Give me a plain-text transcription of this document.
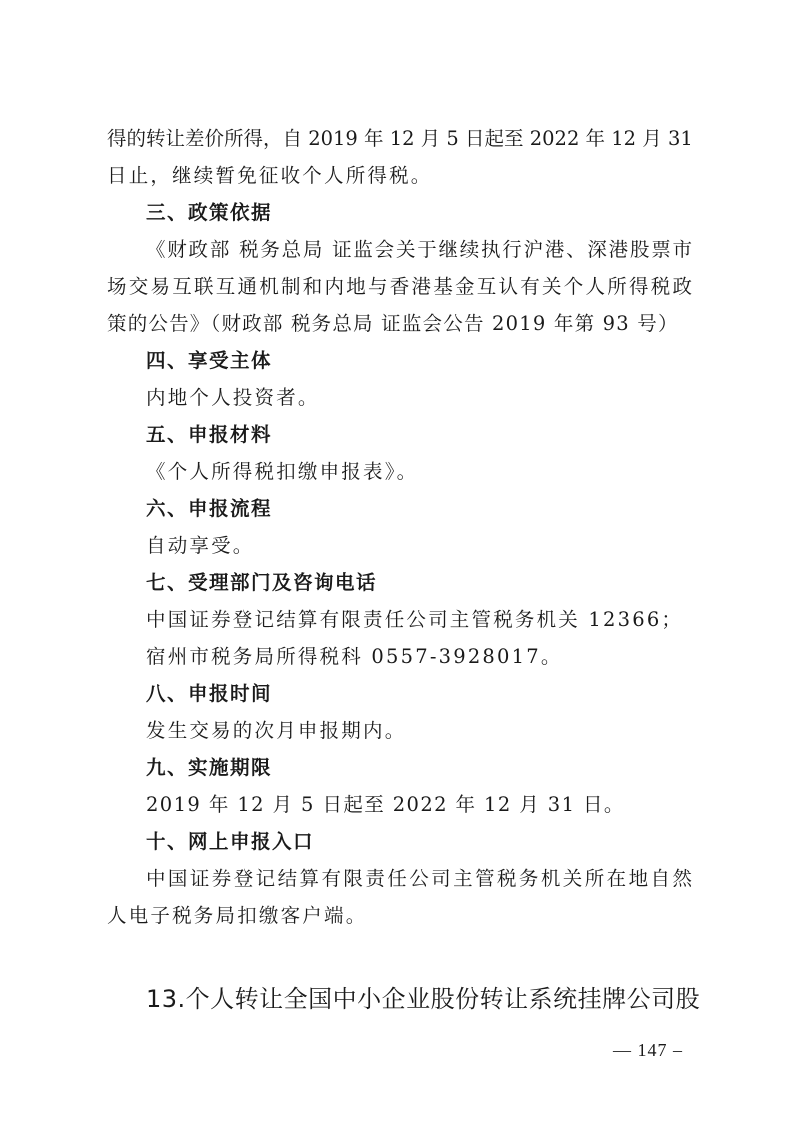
得的转让差价所得，自 2019 年 12 月 5 日起至 2022 年 12 月 31
日止，继续暂免征收个人所得税。
三、政策依据
《财政部 税务总局 证监会关于继续执行沪港、深港股票市
场交易互联互通机制和内地与香港基金互认有关个人所得税政
策的公告》（财政部 税务总局 证监会公告 2019 年第 93 号）
四、享受主体
内地个人投资者。
五、申报材料
《个人所得税扣缴申报表》。
六、申报流程
自动享受。
七、受理部门及咨询电话
中国证券登记结算有限责任公司主管税务机关 12366；
宿州市税务局所得税科 0557-3928017。
八、申报时间
发生交易的次月申报期内。
九、实施期限
2019 年 12 月 5 日起至 2022 年 12 月 31 日。
十、网上申报入口
中国证券登记结算有限责任公司主管税务机关所在地自然
人电子税务局扣缴客户端。
13.个人转让全国中小企业股份转让系统挂牌公司股
— 147 –
